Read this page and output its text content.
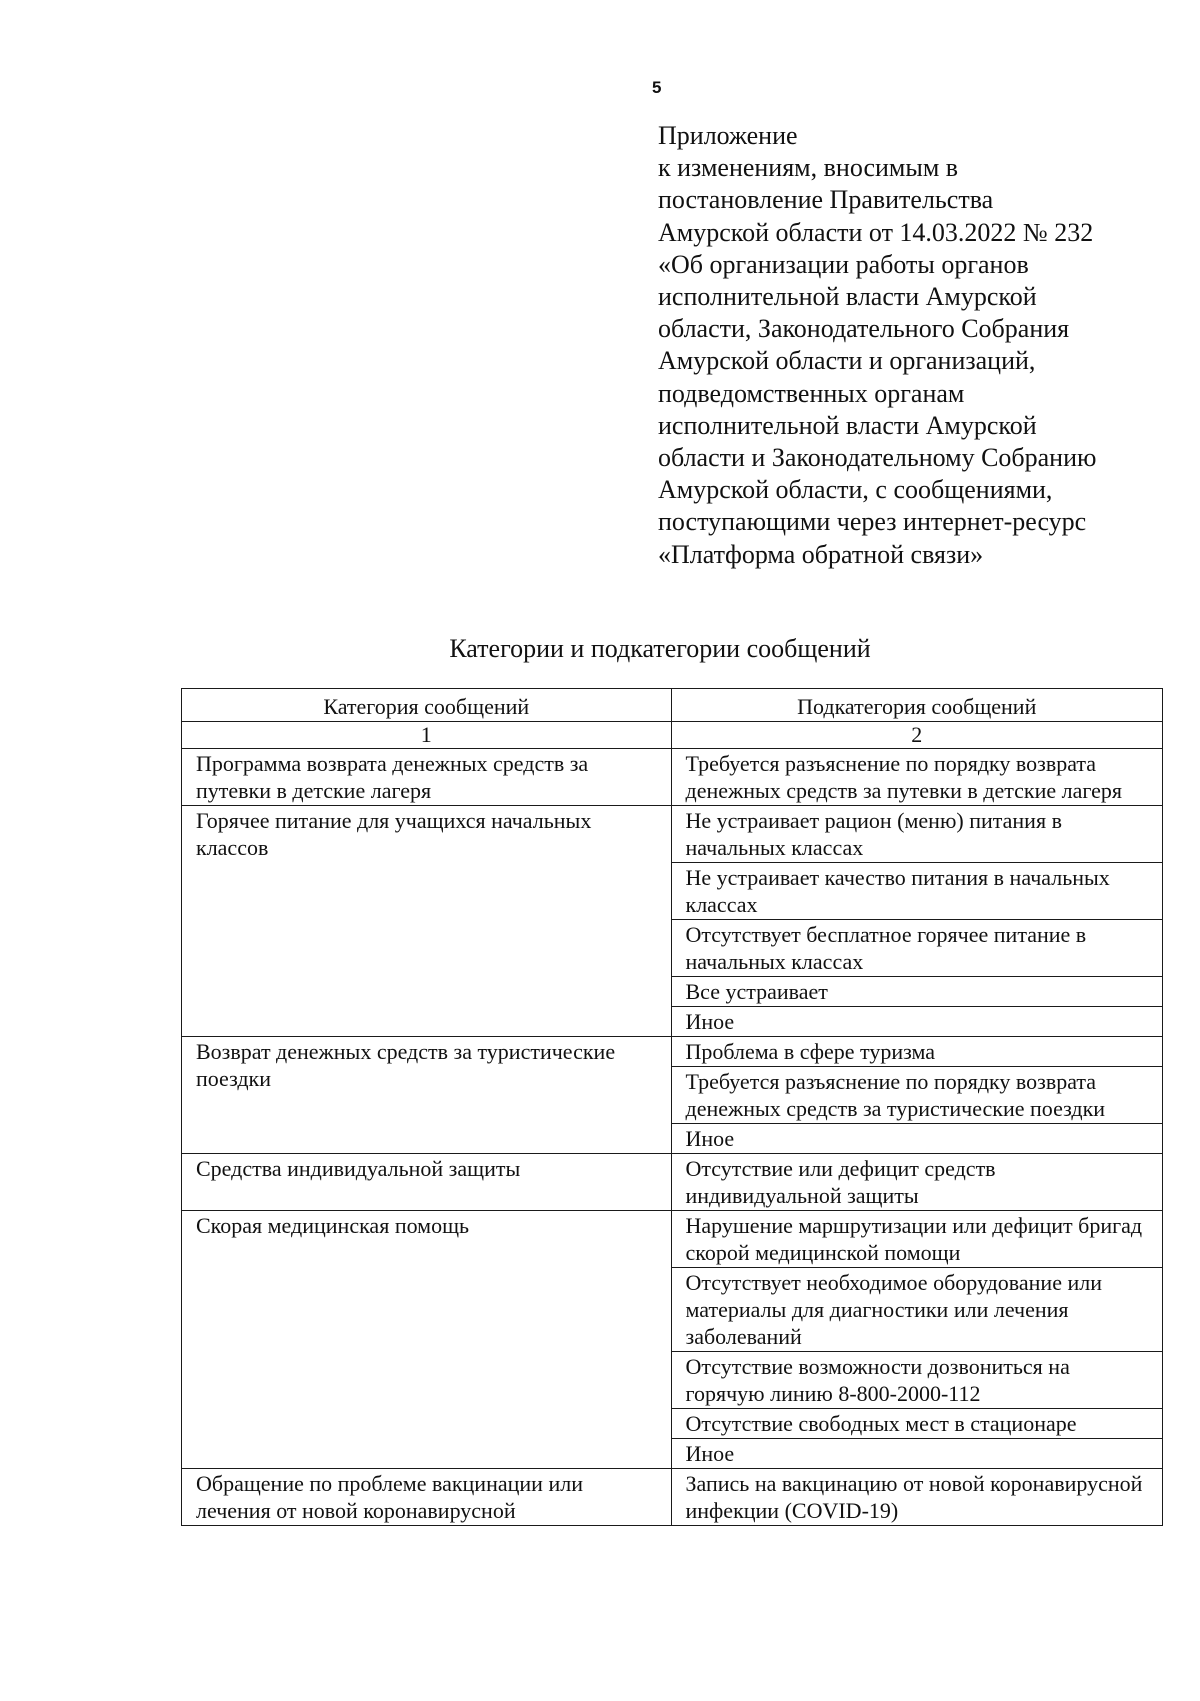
5
Приложение
к изменениям, вносимым в
постановление Правительства
Амурской области от 14.03.2022 № 232
«Об организации работы органов
исполнительной власти Амурской
области, Законодательного Собрания
Амурской области и организаций,
подведомственных органам
исполнительной власти Амурской
области и Законодательному Собранию
Амурской области, с сообщениями,
поступающими через интернет-ресурс
«Платформа обратной связи»
Категории и подкатегории сообщений
Категория сообщений	Подкатегория сообщений
1	2
Программа возврата денежных средств за путевки в детские лагеря	Требуется разъяснение по порядку возврата денежных средств за путевки в детские лагеря
Горячее питание для учащихся начальных классов	Не устраивает рацион (меню) питания в начальных классах
	Не устраивает качество питания в начальных классах
	Отсутствует бесплатное горячее питание в начальных классах
	Все устраивает
	Иное
Возврат денежных средств за туристические поездки	Проблема в сфере туризма
	Требуется разъяснение по порядку возврата денежных средств за туристические поездки
	Иное
Средства индивидуальной защиты	Отсутствие или дефицит средств индивидуальной защиты
Скорая медицинская помощь	Нарушение маршрутизации или дефицит бригад скорой медицинской помощи
	Отсутствует необходимое оборудование или материалы для диагностики или лечения заболеваний
	Отсутствие возможности дозвониться на горячую линию 8-800-2000-112
	Отсутствие свободных мест в стационаре
	Иное
Обращение по проблеме вакцинации или лечения от новой коронавирусной	Запись на вакцинацию от новой коронавирусной инфекции (COVID-19)
